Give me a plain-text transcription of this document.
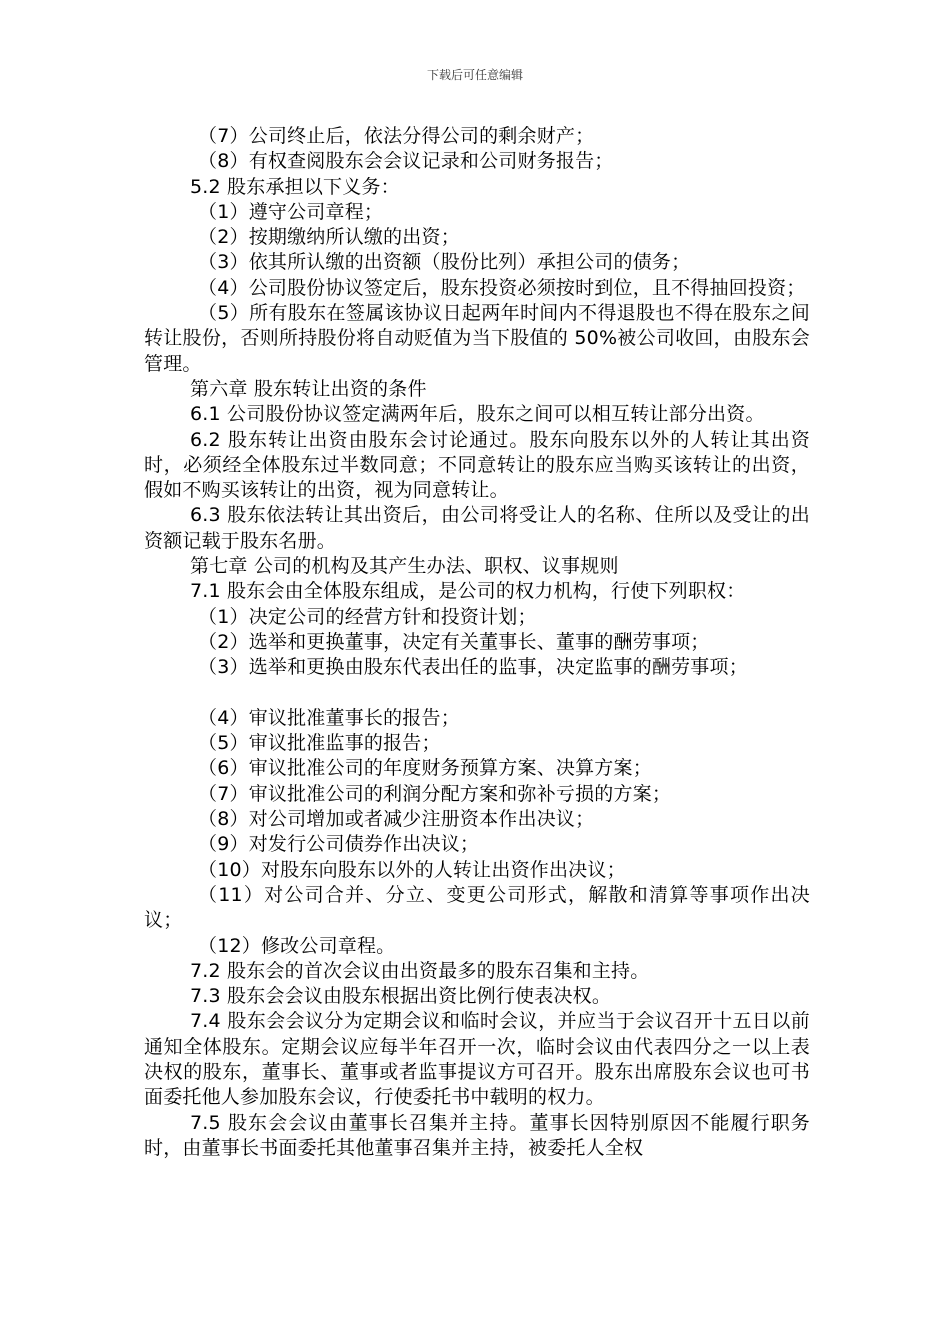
下载后可任意编辑

（7）公司终止后，依法分得公司的剩余财产；

（8）有权查阅股东会会议记录和公司财务报告；

5.2 股东承担以下义务：

（1）遵守公司章程；

（2）按期缴纳所认缴的出资；

（3）依其所认缴的出资额（股份比列）承担公司的债务；

（4）公司股份协议签定后，股东投资必须按时到位，且不得抽回投资；

（5）所有股东在签属该协议日起两年时间内不得退股也不得在股东之间转让股份，否则所持股份将自动贬值为当下股值的 50%被公司收回，由股东会管理。

第六章 股东转让出资的条件

6.1 公司股份协议签定满两年后，股东之间可以相互转让部分出资。

6.2 股东转让出资由股东会讨论通过。股东向股东以外的人转让其出资时，必须经全体股东过半数同意；不同意转让的股东应当购买该转让的出资，假如不购买该转让的出资，视为同意转让。

6.3 股东依法转让其出资后，由公司将受让人的名称、住所以及受让的出资额记载于股东名册。

第七章 公司的机构及其产生办法、职权、议事规则

7.1 股东会由全体股东组成，是公司的权力机构，行使下列职权：

（1）决定公司的经营方针和投资计划；

（2）选举和更换董事，决定有关董事长、董事的酬劳事项；

（3）选举和更换由股东代表出任的监事，决定监事的酬劳事项；

（4）审议批准董事长的报告；

（5）审议批准监事的报告；

（6）审议批准公司的年度财务预算方案、决算方案；

（7）审议批准公司的利润分配方案和弥补亏损的方案；

（8）对公司增加或者减少注册资本作出决议；

（9）对发行公司债券作出决议；

（10）对股东向股东以外的人转让出资作出决议；

（11）对公司合并、分立、变更公司形式，解散和清算等事项作出决议；

（12）修改公司章程。

7.2 股东会的首次会议由出资最多的股东召集和主持。

7.3 股东会会议由股东根据出资比例行使表决权。

7.4 股东会会议分为定期会议和临时会议，并应当于会议召开十五日以前通知全体股东。定期会议应每半年召开一次，临时会议由代表四分之一以上表决权的股东，董事长、董事或者监事提议方可召开。股东出席股东会议也可书面委托他人参加股东会议，行使委托书中载明的权力。

7.5 股东会会议由董事长召集并主持。董事长因特别原因不能履行职务时，由董事长书面委托其他董事召集并主持，被委托人全权
